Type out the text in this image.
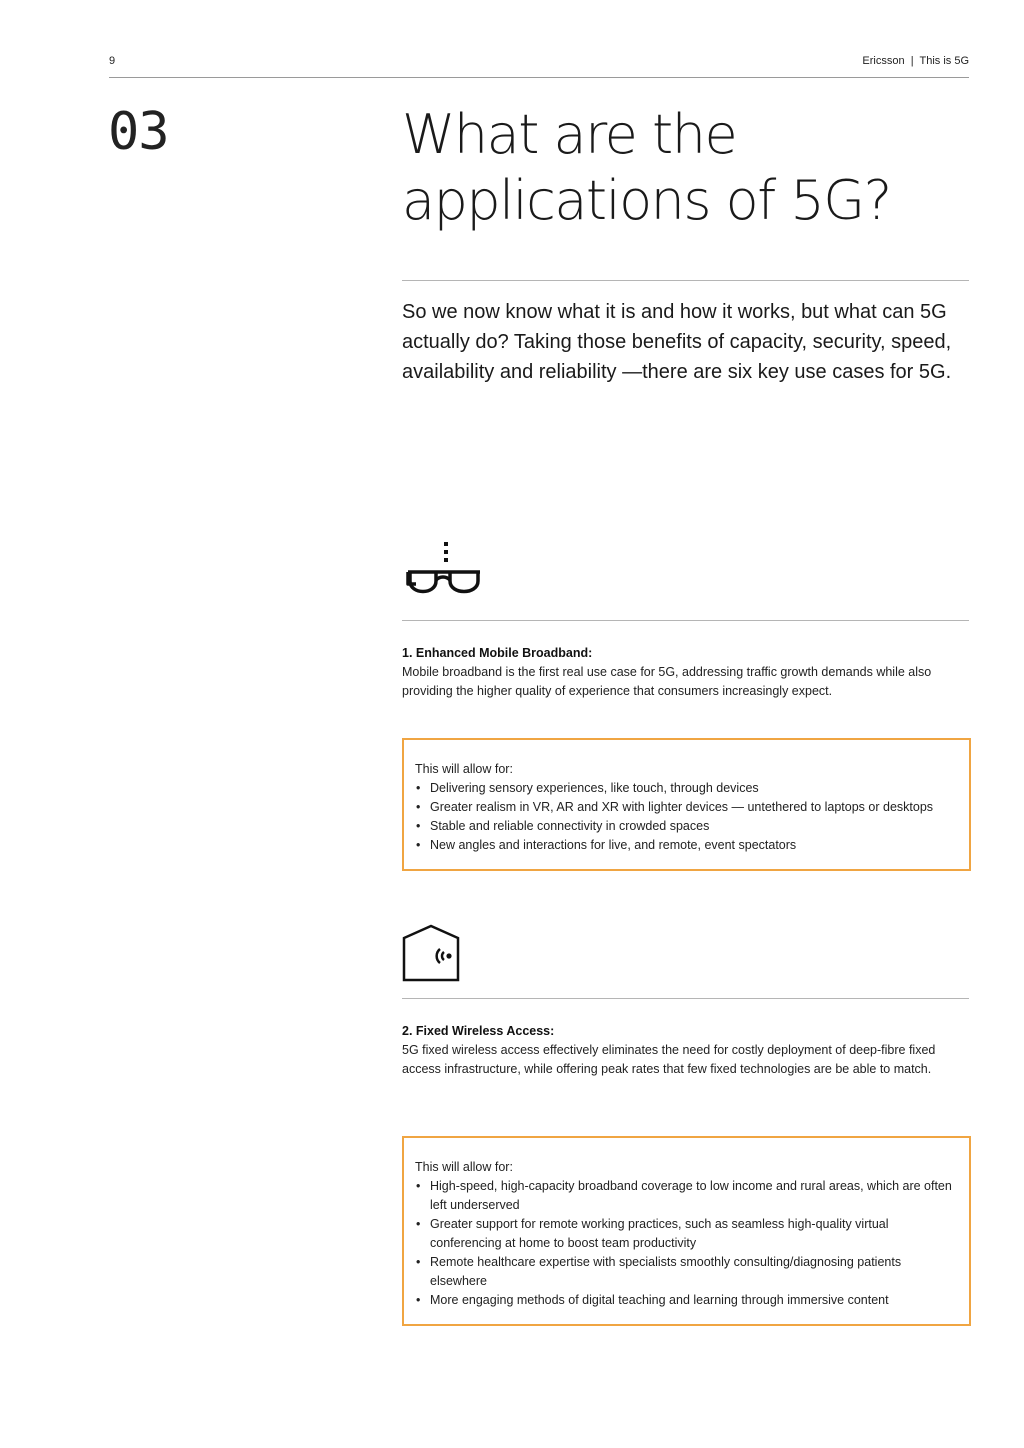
9	Ericsson  |  This is 5G
03	What are the applications of 5G?

So we now know what it is and how it works, but what can 5G actually do? Taking those benefits of capacity, security, speed, availability and reliability —there are six key use cases for 5G.

1. Enhanced Mobile Broadband:

Mobile broadband is the first real use case for 5G, addressing traffic growth demands while also providing the higher quality of experience that consumers increasingly expect.

This will allow for:
• Delivering sensory experiences, like touch, through devices
• Greater realism in VR, AR and XR with lighter devices — untethered to laptops or desktops
• Stable and reliable connectivity in crowded spaces
• New angles and interactions for live, and remote, event spectators
2. Fixed Wireless Access:

5G fixed wireless access effectively eliminates the need for costly deployment of deep-fibre fixed access infrastructure, while offering peak rates that few fixed technologies are be able to match.

This will allow for:
• High-speed, high-capacity broadband coverage to low income and rural areas, which are often left underserved
• Greater support for remote working practices, such as seamless high-quality virtual conferencing at home to boost team productivity
• Remote healthcare expertise with specialists smoothly consulting/diagnosing patients elsewhere
• More engaging methods of digital teaching and learning through immersive content
